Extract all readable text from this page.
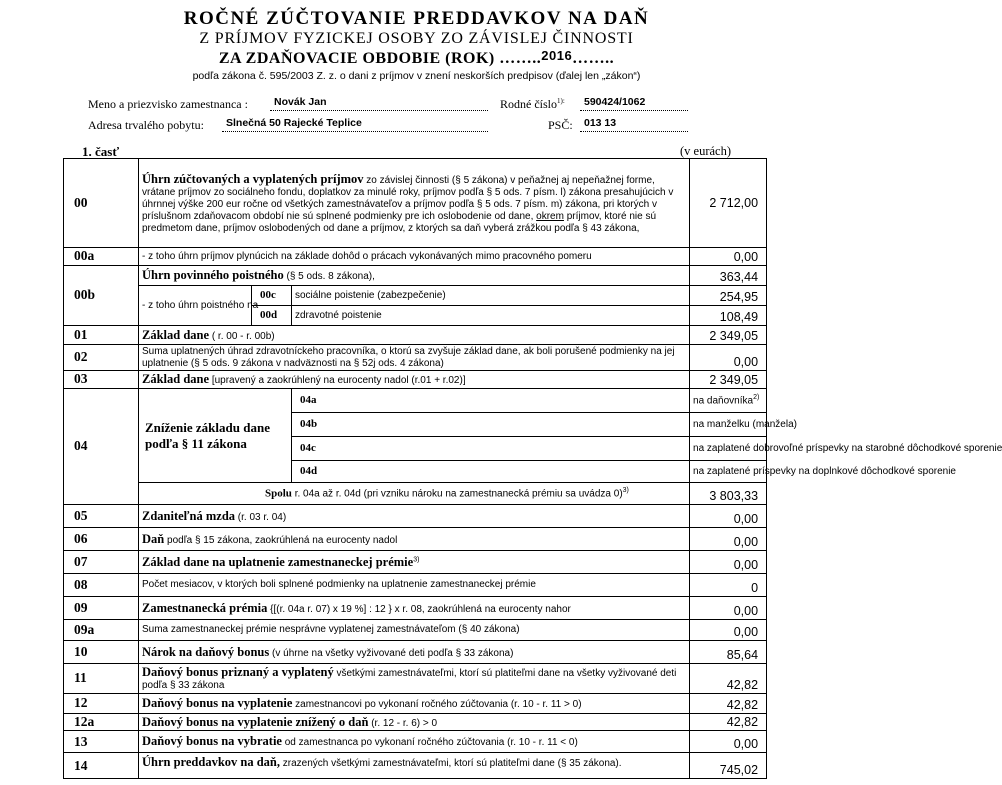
ROČNÉ ZÚČTOVANIE PREDDAVKOV NA DAŇ
Z PRÍJMOV FYZICKEJ OSOBY ZO ZÁVISLEJ ČINNOSTI
ZA ZDAŇOVACIE OBDOBIE (ROK) ……..2016……..
podľa zákona č. 595/2003 Z. z. o dani z príjmov v znení neskorších predpisov (ďalej len „zákon“)
Meno a priezvisko zamestnanca : Novák Jan	Rodné číslo$^{1):}$ 590424/1062
Adresa trvalého pobytu: Slnečná 50 Rajecké Teplice	PSČ: 013 13
1. časť	(v eurách)
00	Úhrn zúčtovaných a vyplatených príjmov zo závislej činnosti (§ 5 zákona) v peňažnej aj nepeňažnej forme, vrátane príjmov zo sociálneho fondu, doplatkov za minulé roky, príjmov podľa § 5 ods. 7 písm. l) zákona presahujúcich v úhrnnej výške 200 eur ročne od všetkých zamestnávateľov a príjmov podľa § 5 ods. 7 písm. m) zákona, pri ktorých v príslušnom zdaňovacom období nie sú splnené podmienky pre ich oslobodenie od dane, okrem príjmov, ktoré nie sú predmetom dane, príjmov oslobodených od dane a príjmov, z ktorých sa daň vyberá zrážkou podľa § 43 zákona,			2 712,00	
00a	- z toho úhrn príjmov plynúcich na základe dohôd o prácach vykonávaných mimo pracovného pomeru			0,00	
00b	Úhrn povinného poistného (§ 5 ods. 8 zákona),			363,44	
	- z toho úhrn poistného na	00c	sociálne poistenie (zabezpečenie)	254,95	
		00d	zdravotné poistenie	108,49	
01	Základ dane ( r. 00 - r. 00b)			2 349,05	
02	Suma uplatnených úhrad zdravotníckeho pracovníka, o ktorú sa zvyšuje základ dane, ak boli porušené podmienky na jej uplatnenie (§ 5 ods. 9 zákona v nadväznosti na § 52j ods. 4 zákona)			0,00	
03	Základ dane [upravený a zaokrúhlený na eurocenty nadol (r.01 + r.02)]			2 349,05	
04	Zníženie základu dane
podľa § 11 zákona		04a	na daňovníka$^{2)}$	
			04b	na manželku (manžela)	
			04c	na zaplatené dobrovoľné príspevky na starobné dôchodkové sporenie	
			04d	na zaplatené príspevky na doplnkové dôchodkové sporenie	
	Spolu r. 04a až r. 04d (pri vzniku nároku na zamestnanecká prémiu sa uvádza 0)$^{3)}$			3 803,33	
05	Zdaniteľná mzda (r. 03 r. 04)			0,00	
06	Daň podľa § 15 zákona, zaokrúhlená na eurocenty nadol			0,00	
07	Základ dane na uplatnenie zamestnaneckej prémie$^{3)}$			0,00	
08	Počet mesiacov, v ktorých boli splnené podmienky na uplatnenie zamestnaneckej prémie			0	
09	Zamestnanecká prémia {[(r. 04a r. 07) x 19 %] : 12 } x r. 08, zaokrúhlená na eurocenty nahor			0,00	
09a	Suma zamestnaneckej prémie nesprávne vyplatenej zamestnávateľom (§ 40 zákona)			0,00	
10	Nárok na daňový bonus (v úhrne na všetky vyživované deti podľa § 33 zákona)			85,64	
11	Daňový bonus priznaný a vyplatený všetkými zamestnávateľmi, ktorí sú platiteľmi dane na všetky vyživované deti podľa § 33 zákona			42,82	
12	Daňový bonus na vyplatenie zamestnancovi po vykonaní ročného zúčtovania (r. 10 - r. 11 > 0)			42,82	
12a	Daňový bonus na vyplatenie znížený o daň (r. 12 - r. 6) > 0			42,82	
13	Daňový bonus na vybratie od zamestnanca po vykonaní ročného zúčtovania (r. 10 - r. 11 < 0)			0,00	
14	Úhrn preddavkov na daň, zrazených všetkými zamestnávateľmi, ktorí sú platiteľmi dane (§ 35 zákona).			745,02	
